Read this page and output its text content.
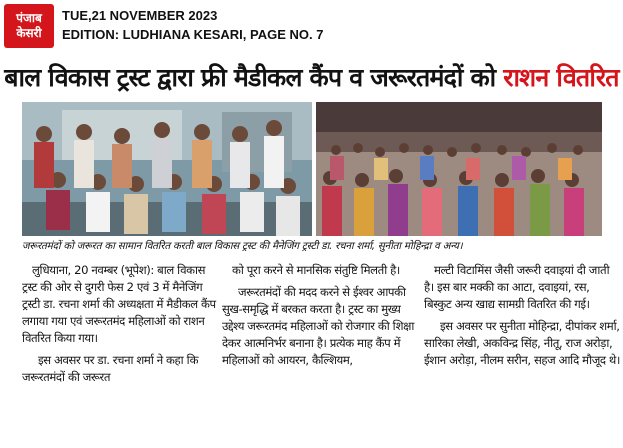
पंजाब
केसरी
TUE,21 NOVEMBER 2023
EDITION: LUDHIANA KESARI, PAGE NO. 7
बाल विकास ट्रस्ट द्वारा फ्री मैडीकल कैंप व जरूरतमंदों को राशन वितरित
जरूरतमंदों को जरूरत का सामान वितरित करती बाल विकास ट्रस्ट की मैनेजिंग ट्रस्टी डा. रचना शर्मा, सुनीता मोहिन्द्रा व अन्य।

लुधियाना, 20 नवम्बर (भूपेश): बाल विकास ट्रस्ट की ओर से दुगरी फेस 2 एवं 3 में मैनेजिंग ट्रस्टी डा. रचना शर्मा की अध्यक्षता में मैडीकल कैंप लगाया गया एवं जरूरतमंद महिलाओं को राशन वितरित किया गया।

इस अवसर पर डा. रचना शर्मा ने कहा कि जरूरतमंदों की जरूरत

को पूरा करने से मानसिक संतुष्टि मिलती है।

जरूरतमंदों की मदद करने से ईश्वर आपकी सुख-समृद्धि में बरकत करता है। ट्रस्ट का मुख्य उद्देश्य जरूरतमंद महिलाओं को रोजगार की शिक्षा देकर आत्मनिर्भर बनाना है। प्रत्येक माह कैंप में महिलाओं को आयरन, कैल्शियम,

मल्टी विटामिंस जैसी जरूरी दवाइयां दी जाती है। इस बार मक्की का आटा, दवाइयां, रस, बिस्कुट अन्य खाद्य सामग्री वितरित की गई।

इस अवसर पर सुनीता मोहिन्द्रा, दीपांकर शर्मा, सारिका लेखी, अकविन्द्र सिंह, नीतू, राज अरोड़ा, ईशान अरोड़ा, नीलम सरीन, सहज आदि मौजूद थे।
